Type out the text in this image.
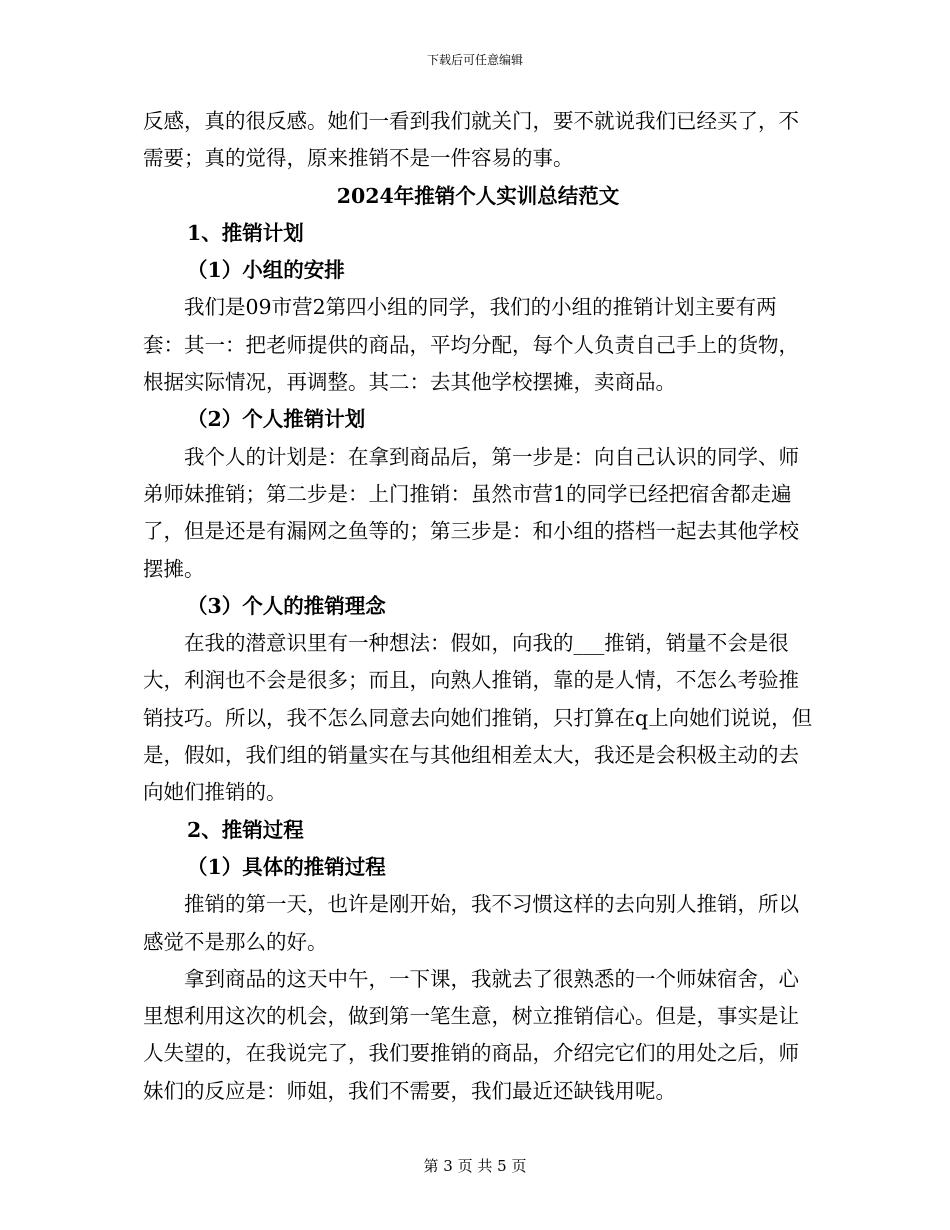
下载后可任意编辑

反感，真的很反感。她们一看到我们就关门，要不就说我们已经买了，不需要；真的觉得，原来推销不是一件容易的事。

2024年推销个人实训总结范文

1、推销计划

（1）小组的安排

我们是09市营2第四小组的同学，我们的小组的推销计划主要有两套：其一：把老师提供的商品，平均分配，每个人负责自己手上的货物，根据实际情况，再调整。其二：去其他学校摆摊，卖商品。

（2）个人推销计划

我个人的计划是：在拿到商品后，第一步是：向自己认识的同学、师弟师妹推销；第二步是：上门推销：虽然市营1的同学已经把宿舍都走遍了，但是还是有漏网之鱼等的；第三步是：和小组的搭档一起去其他学校摆摊。

（3）个人的推销理念

在我的潜意识里有一种想法：假如，向我的___推销，销量不会是很大，利润也不会是很多；而且，向熟人推销，靠的是人情，不怎么考验推销技巧。所以，我不怎么同意去向她们推销，只打算在q上向她们说说，但是，假如，我们组的销量实在与其他组相差太大，我还是会积极主动的去向她们推销的。

2、推销过程

（1）具体的推销过程

推销的第一天，也许是刚开始，我不习惯这样的去向别人推销，所以感觉不是那么的好。

拿到商品的这天中午，一下课，我就去了很熟悉的一个师妹宿舍，心里想利用这次的机会，做到第一笔生意，树立推销信心。但是，事实是让人失望的，在我说完了，我们要推销的商品，介绍完它们的用处之后，师妹们的反应是：师姐，我们不需要，我们最近还缺钱用呢。

第 3 页 共 5 页
